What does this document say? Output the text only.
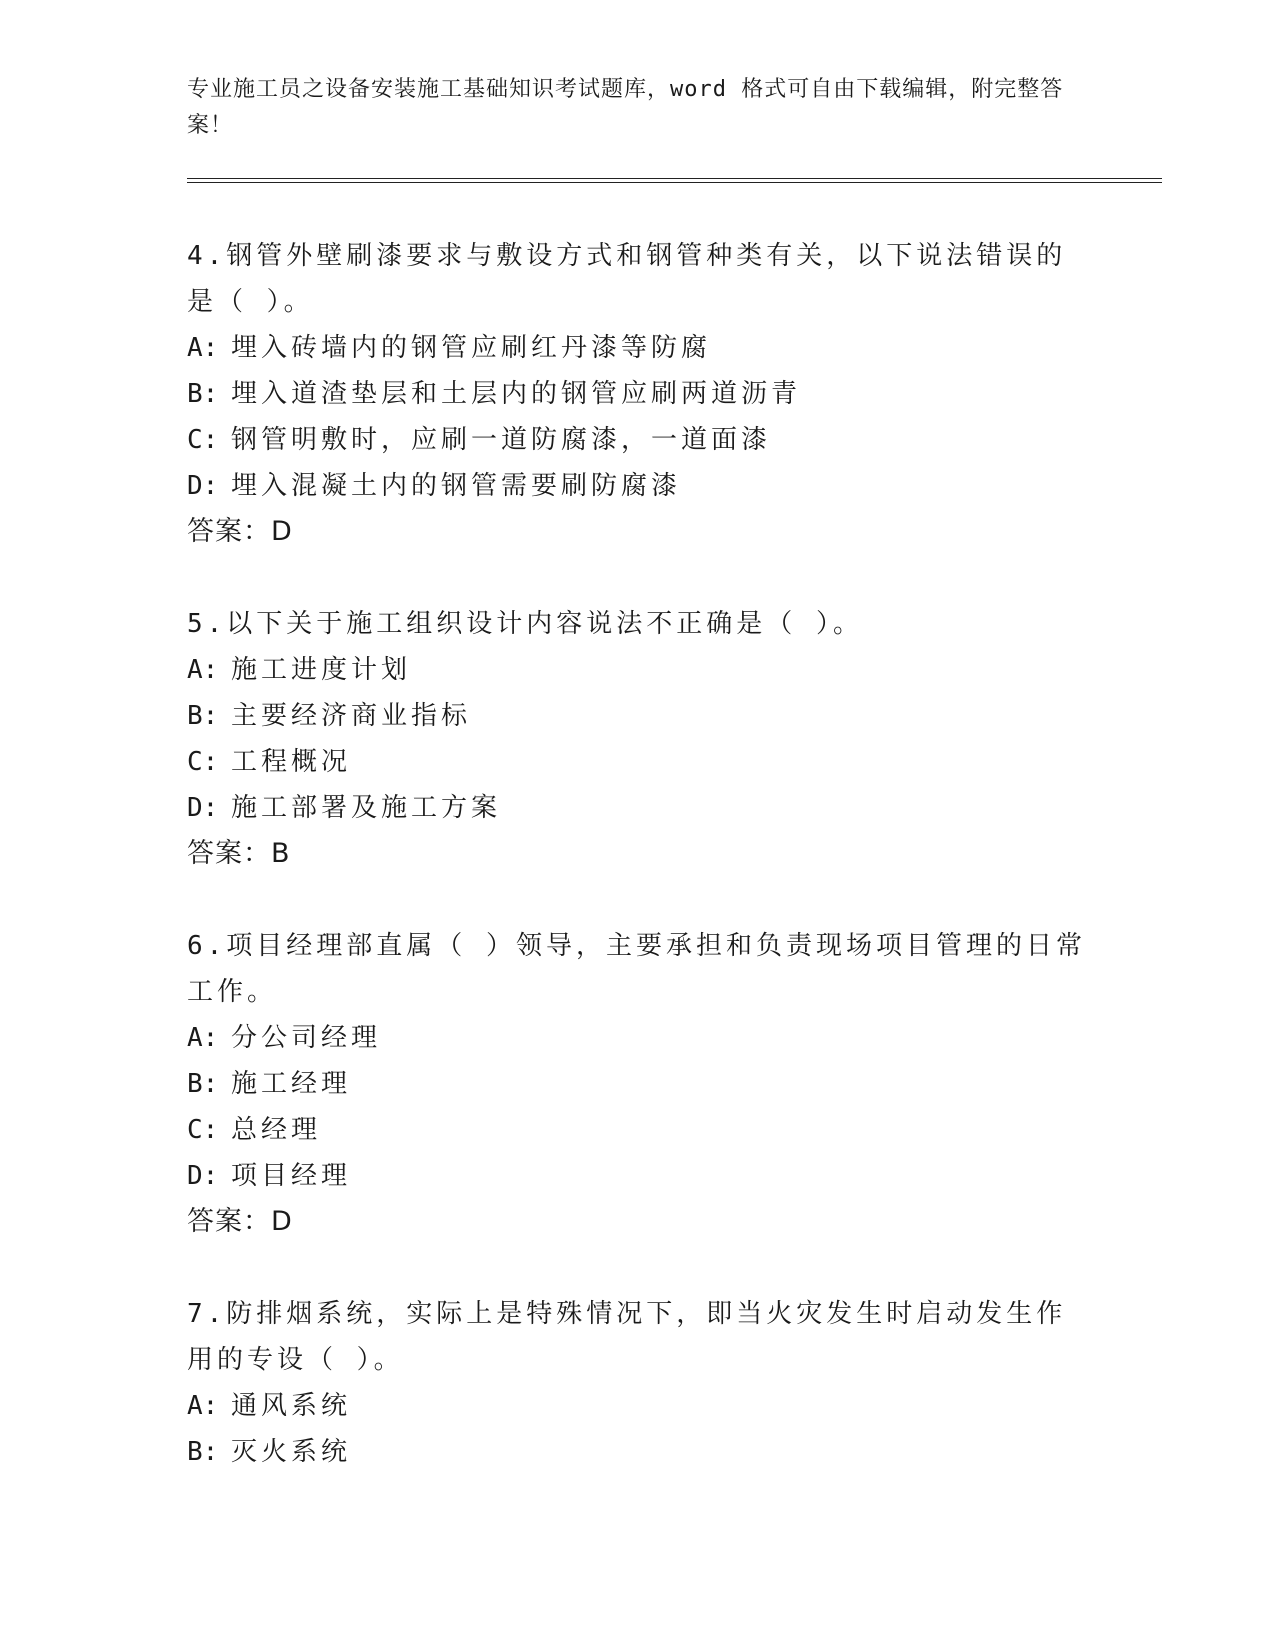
专业施工员之设备安装施工基础知识考试题库，word 格式可自由下载编辑，附完整答案！
4.钢管外壁刷漆要求与敷设方式和钢管种类有关，以下说法错误的是（ ）。
A: 埋入砖墙内的钢管应刷红丹漆等防腐
B: 埋入道渣垫层和土层内的钢管应刷两道沥青
C: 钢管明敷时，应刷一道防腐漆，一道面漆
D: 埋入混凝土内的钢管需要刷防腐漆
答案：D
5.以下关于施工组织设计内容说法不正确是（ ）。
A: 施工进度计划
B: 主要经济商业指标
C: 工程概况
D: 施工部署及施工方案
答案：B
6.项目经理部直属（ ）领导，主要承担和负责现场项目管理的日常工作。
A: 分公司经理
B: 施工经理
C: 总经理
D: 项目经理
答案：D
7.防排烟系统，实际上是特殊情况下，即当火灾发生时启动发生作用的专设（ ）。
A: 通风系统
B: 灭火系统
